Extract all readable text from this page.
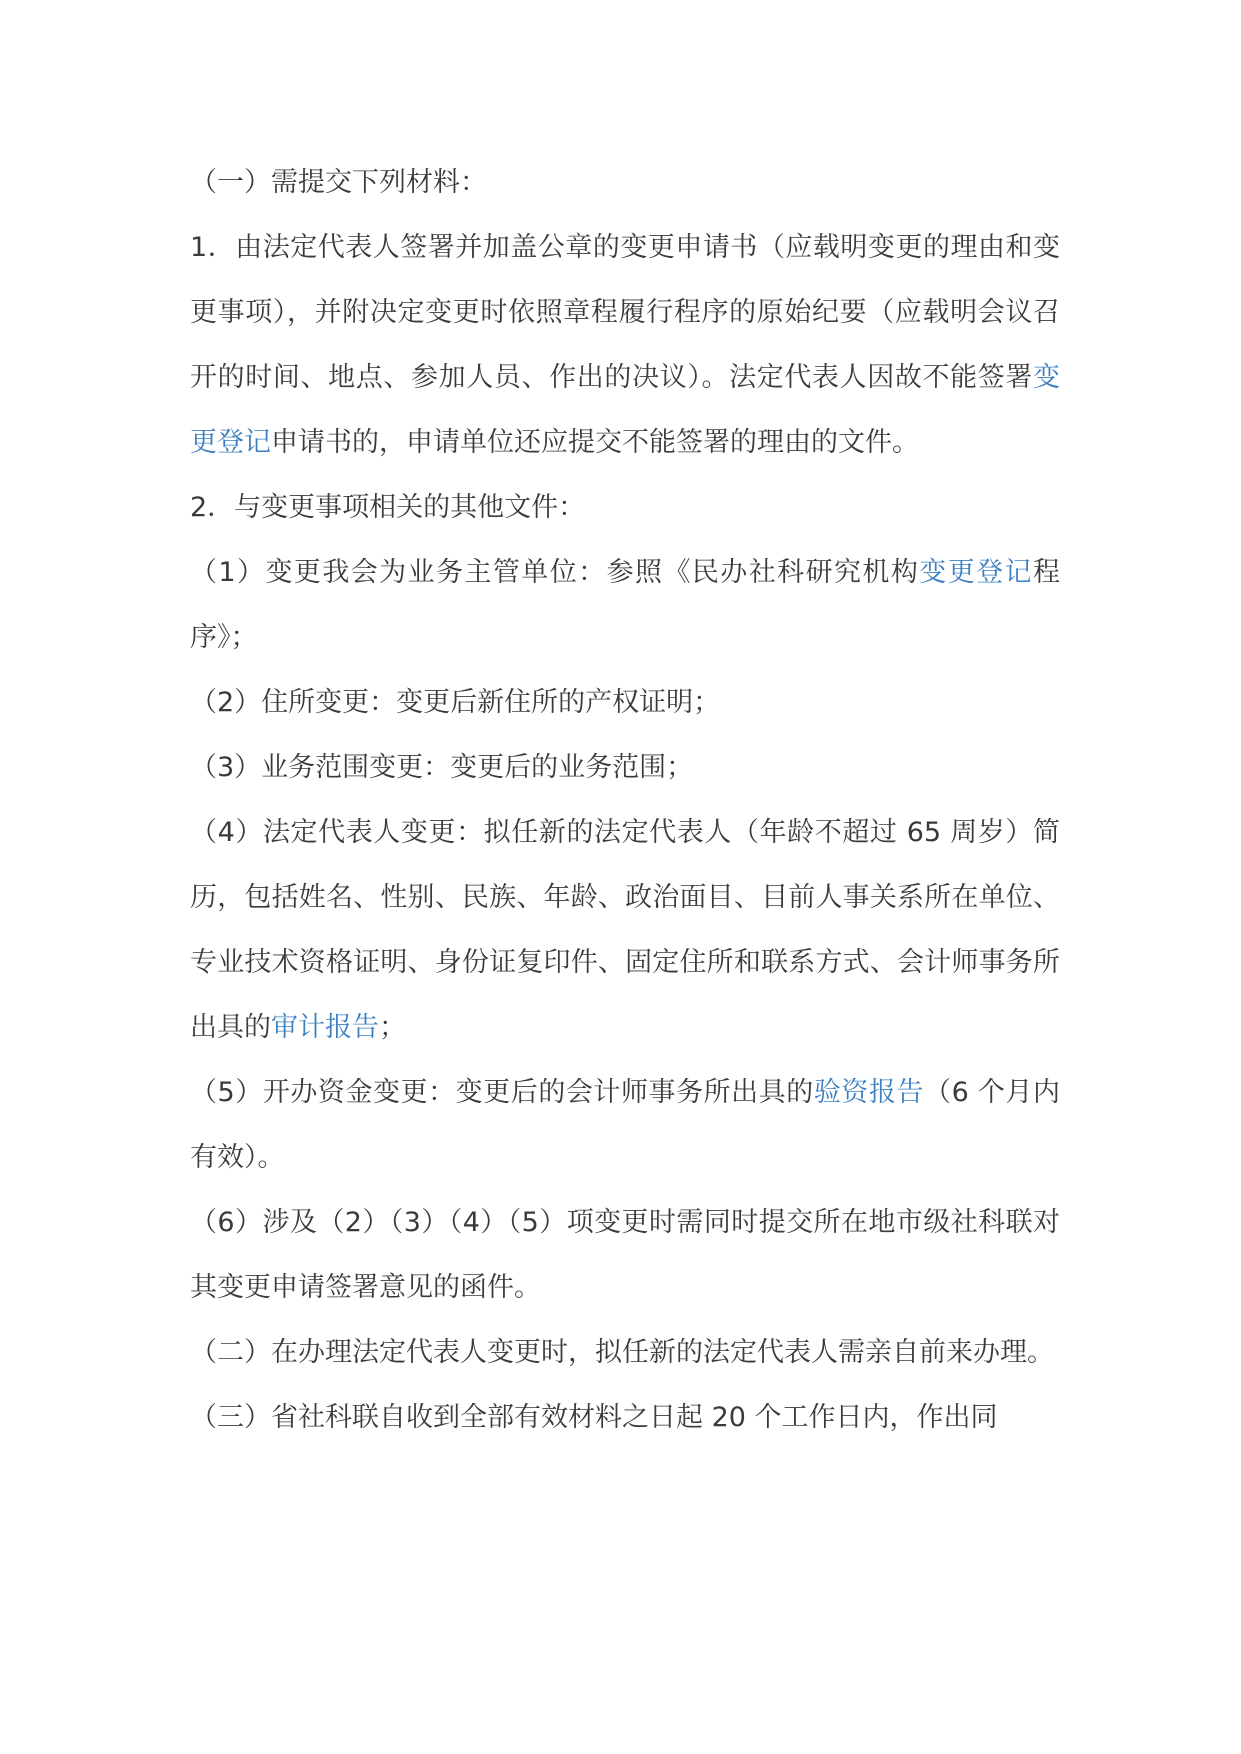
（一）需提交下列材料：

1．由法定代表人签署并加盖公章的变更申请书（应载明变更的理由和变更事项），并附决定变更时依照章程履行程序的原始纪要（应载明会议召开的时间、地点、参加人员、作出的决议）。法定代表人因故不能签署变更登记申请书的，申请单位还应提交不能签署的理由的文件。

2．与变更事项相关的其他文件：

（1）变更我会为业务主管单位：参照《民办社科研究机构变更登记程序》；

（2）住所变更：变更后新住所的产权证明；

（3）业务范围变更：变更后的业务范围；

（4）法定代表人变更：拟任新的法定代表人（年龄不超过 65 周岁）简历，包括姓名、性别、民族、年龄、政治面目、目前人事关系所在单位、专业技术资格证明、身份证复印件、固定住所和联系方式、会计师事务所出具的审计报告；

（5）开办资金变更：变更后的会计师事务所出具的验资报告（6 个月内有效）。

（6）涉及（2）（3）（4）（5）项变更时需同时提交所在地市级社科联对其变更申请签署意见的函件。

（二）在办理法定代表人变更时，拟任新的法定代表人需亲自前来办理。

（三）省社科联自收到全部有效材料之日起 20 个工作日内，作出同
